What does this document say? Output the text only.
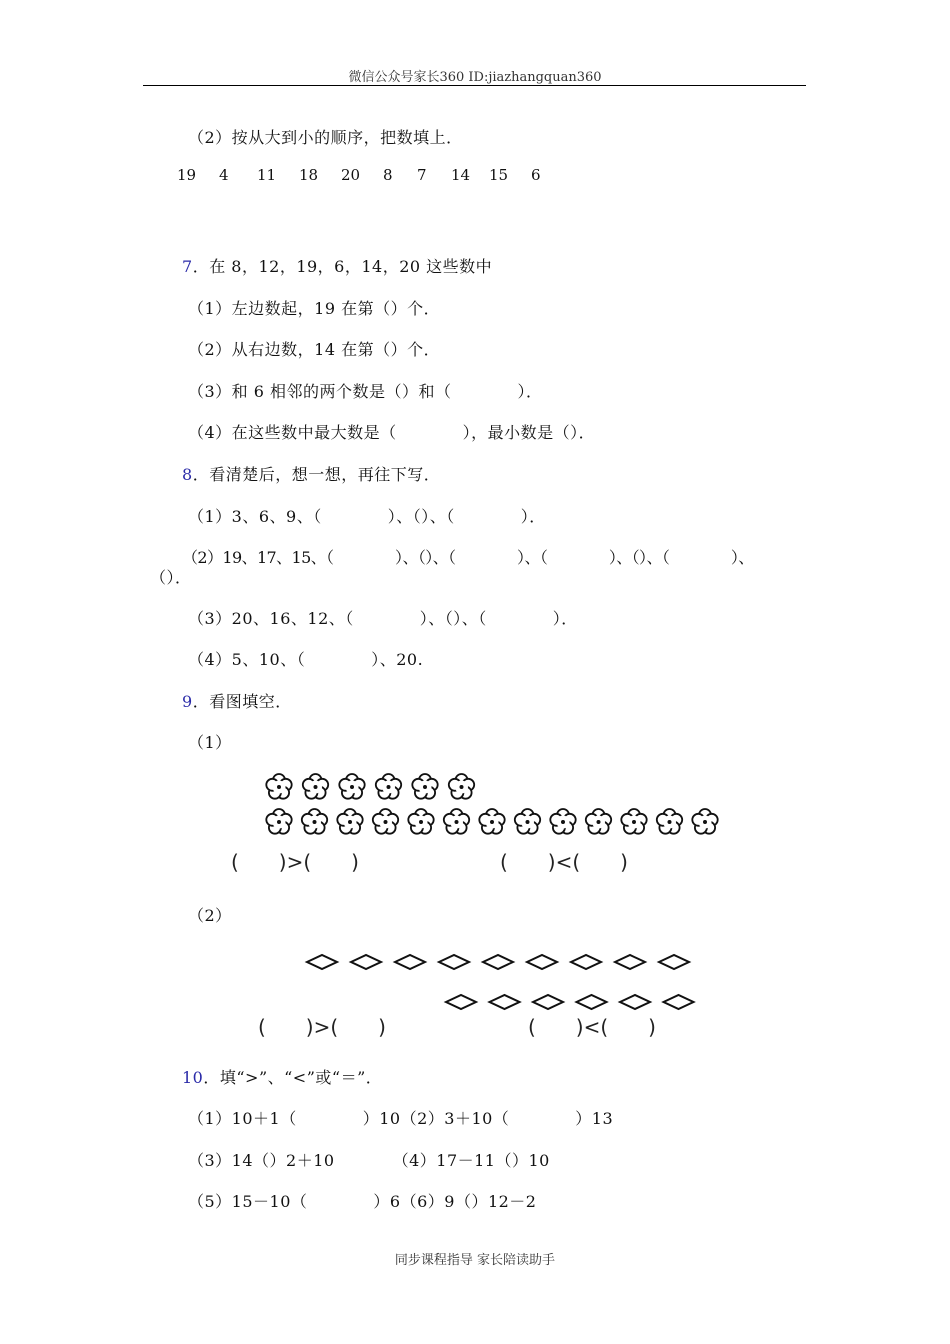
微信公众号家长360 ID:jiazhangquan360
（2）按从大到小的顺序，把数填上．
19 4 11 18 20 8 7 14 15 6
7．在 8，12，19，6，14，20 这些数中
（1）左边数起，19 在第（）个．
（2）从右边数，14 在第（）个．
（3）和 6 相邻的两个数是（）和（　　　　）．
（4）在这些数中最大数是（　　　　），最小数是（）．
8．看清楚后，想一想，再往下写．
（1）3、6、9、（　　　　）、（）、（　　　　）．
（2）19、17、15、（　　　　）、（）、（　　　　）、（　　　　）、（）、（　　　　）、
（）．
（3）20、16、12、（　　　　）、（）、（　　　　）．
（4）5、10、（　　　　）、20.
9．看图填空．
（1）
(　　)>(　　)	(　　)<(　　)
（2）
(　　)>(　　)	(　　)<(　　)
10．填“>”、“<”或“＝”．
（1）10＋1（　　　　）10（2）3＋10（　　　　）13
（3）14（）2＋10　　　　（4）17－11（）10
（5）15－10（　　　　）6（6）9（）12－2
同步课程指导 家长陪读助手
